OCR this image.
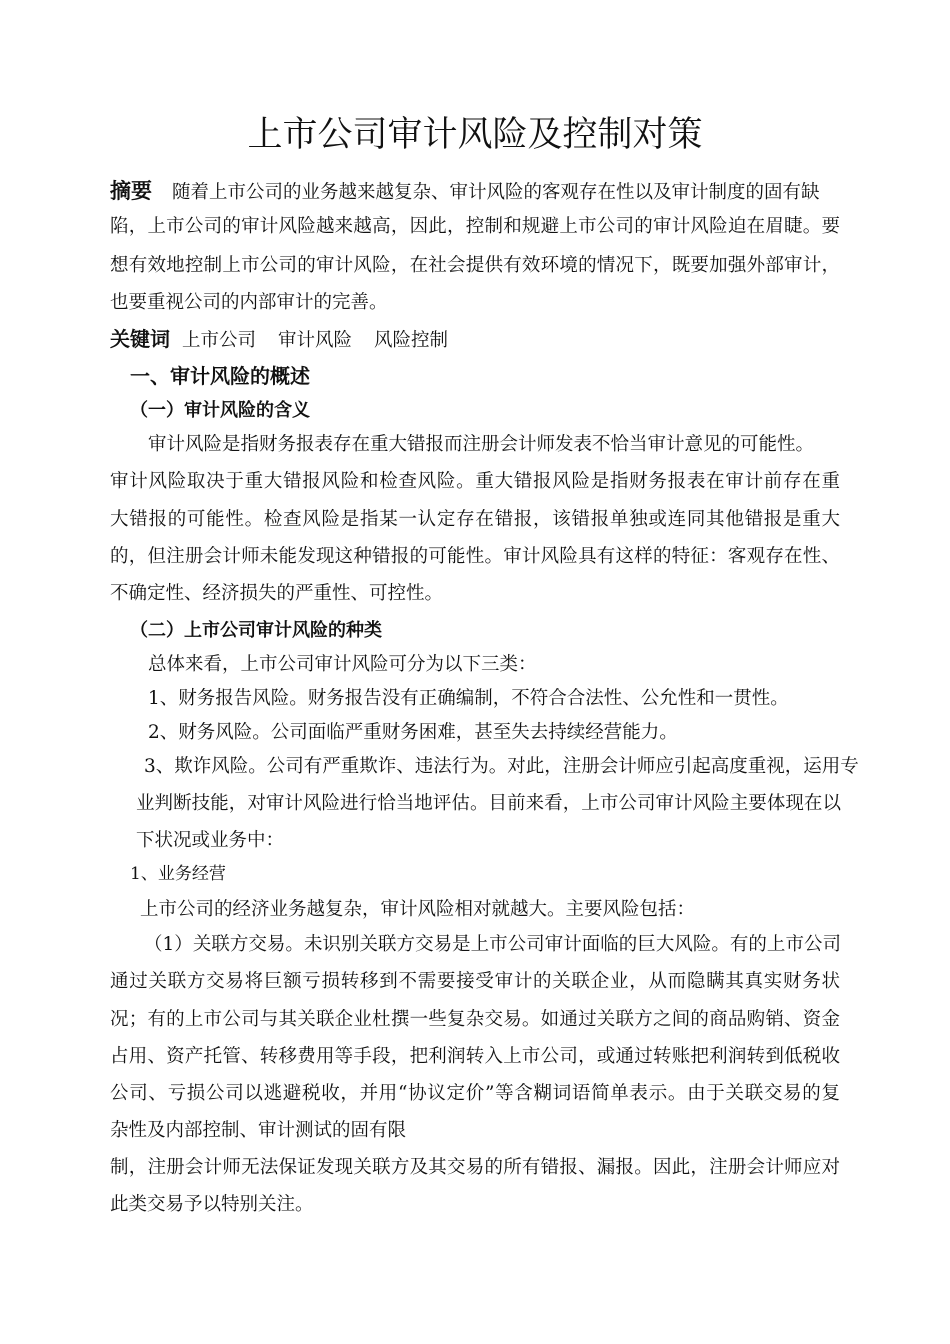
上市公司审计风险及控制对策
摘要 随着上市公司的业务越来越复杂、审计风险的客观存在性以及审计制度的固有缺
陷，上市公司的审计风险越来越高，因此，控制和规避上市公司的审计风险迫在眉睫。要
想有效地控制上市公司的审计风险，在社会提供有效环境的情况下，既要加强外部审计，
也要重视公司的内部审计的完善。
关键词 上市公司 审计风险 风险控制
一、审计风险的概述
（一）审计风险的含义
审计风险是指财务报表存在重大错报而注册会计师发表不恰当审计意见的可能性。
审计风险取决于重大错报风险和检查风险。重大错报风险是指财务报表在审计前存在重
大错报的可能性。检查风险是指某一认定存在错报，该错报单独或连同其他错报是重大
的，但注册会计师未能发现这种错报的可能性。审计风险具有这样的特征：客观存在性、
不确定性、经济损失的严重性、可控性。
（二）上市公司审计风险的种类
总体来看，上市公司审计风险可分为以下三类：
1、财务报告风险。财务报告没有正确编制，不符合合法性、公允性和一贯性。
2、财务风险。公司面临严重财务困难，甚至失去持续经营能力。
3、欺诈风险。公司有严重欺诈、违法行为。对此，注册会计师应引起高度重视，运用专
业判断技能，对审计风险进行恰当地评估。目前来看，上市公司审计风险主要体现在以
下状况或业务中：
1、业务经营
上市公司的经济业务越复杂，审计风险相对就越大。主要风险包括：
（1）关联方交易。未识别关联方交易是上市公司审计面临的巨大风险。有的上市公司
通过关联方交易将巨额亏损转移到不需要接受审计的关联企业，从而隐瞒其真实财务状
况；有的上市公司与其关联企业杜撰一些复杂交易。如通过关联方之间的商品购销、资金
占用、资产托管、转移费用等手段，把利润转入上市公司，或通过转账把利润转到低税收
公司、亏损公司以逃避税收，并用“协议定价”等含糊词语简单表示。由于关联交易的复
杂性及内部控制、审计测试的固有限
制，注册会计师无法保证发现关联方及其交易的所有错报、漏报。因此，注册会计师应对
此类交易予以特别关注。
